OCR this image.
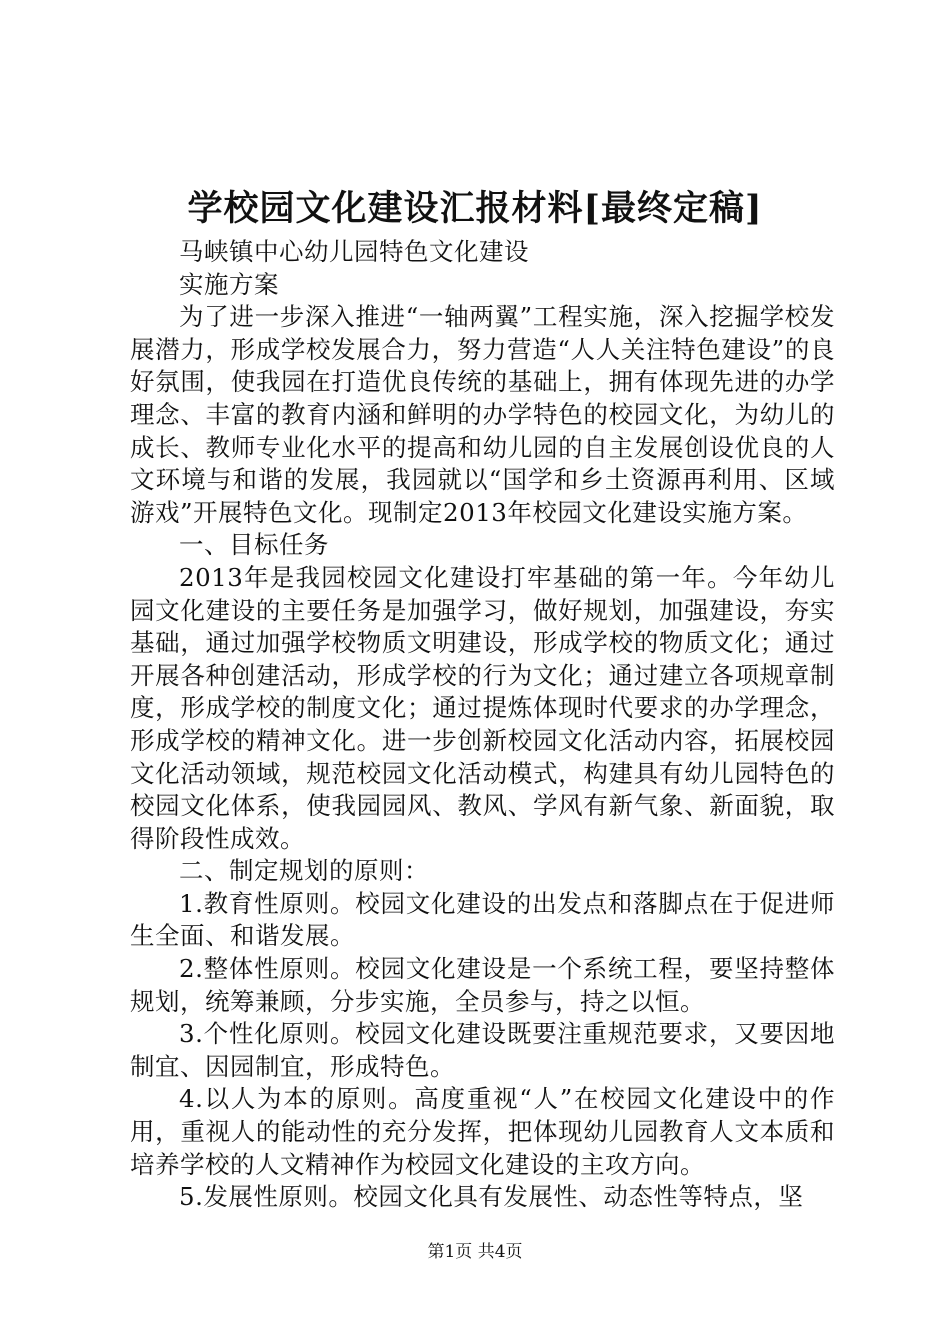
学校园文化建设汇报材料[最终定稿]

马峡镇中心幼儿园特色文化建设

实施方案

为了进一步深入推进“一轴两翼”工程实施，深入挖掘学校发展潜力，形成学校发展合力，努力营造“人人关注特色建设”的良好氛围，使我园在打造优良传统的基础上，拥有体现先进的办学理念、丰富的教育内涵和鲜明的办学特色的校园文化，为幼儿的成长、教师专业化水平的提高和幼儿园的自主发展创设优良的人文环境与和谐的发展，我园就以“国学和乡土资源再利用、区域游戏”开展特色文化。现制定2013年校园文化建设实施方案。

一、目标任务

2013年是我园校园文化建设打牢基础的第一年。今年幼儿园文化建设的主要任务是加强学习，做好规划，加强建设，夯实基础，通过加强学校物质文明建设，形成学校的物质文化；通过开展各种创建活动，形成学校的行为文化；通过建立各项规章制度，形成学校的制度文化；通过提炼体现时代要求的办学理念，形成学校的精神文化。进一步创新校园文化活动内容，拓展校园文化活动领域，规范校园文化活动模式，构建具有幼儿园特色的校园文化体系，使我园园风、教风、学风有新气象、新面貌，取得阶段性成效。

二、制定规划的原则：

1.教育性原则。校园文化建设的出发点和落脚点在于促进师生全面、和谐发展。

2.整体性原则。校园文化建设是一个系统工程，要坚持整体规划，统筹兼顾，分步实施，全员参与，持之以恒。

3.个性化原则。校园文化建设既要注重规范要求，又要因地制宜、因园制宜，形成特色。

4.以人为本的原则。高度重视“人”在校园文化建设中的作用，重视人的能动性的充分发挥，把体现幼儿园教育人文本质和培养学校的人文精神作为校园文化建设的主攻方向。

5.发展性原则。校园文化具有发展性、动态性等特点，坚

第1页 共4页
